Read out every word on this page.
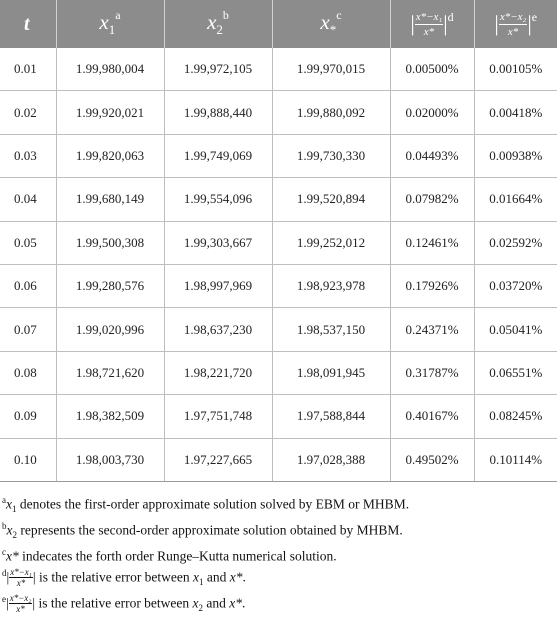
t	$x_1^a$	$x_2^b$	$x_*^c$	| $\frac{\text{x*−x₁}}{x*} |^d$	| $\frac{\text{x*−x₂}}{x*} |^e$
0.01	1.99,980,004	1.99,972,105	1.99,970,015	0.00500%	0.00105%
0.02	1.99,920,021	1.99,888,440	1.99,880,092	0.02000%	0.00418%
0.03	1.99,820,063	1.99,749,069	1.99,730,330	0.04493%	0.00938%
0.04	1.99,680,149	1.99,554,096	1.99,520,894	0.07982%	0.01664%
0.05	1.99,500,308	1.99,303,667	1.99,252,012	0.12461%	0.02592%
0.06	1.99,280,576	1.98,997,969	1.98,923,978	0.17926%	0.03720%
0.07	1.99,020,996	1.98,637,230	1.98,537,150	0.24371%	0.05041%
0.08	1.98,721,620	1.98,221,720	1.98,091,945	0.31787%	0.06551%
0.09	1.98,382,509	1.97,751,748	1.97,588,844	0.40167%	0.08245%
0.10	1.98,003,730	1.97,227,665	1.97,028,388	0.49502%	0.10114%
$^ax_1$ denotes the first-order approximate solution solved by EBM or MHBM.
$^bx_2$ represents the second-order approximate solution obtained by MHBM.
$^c$x* indecates the forth order Runge–Kutta numerical solution.
$^d| \frac{\text{x*−x₁}}{x*}$ | is the relative error between $x_1$ and x*.
$^e| \frac{\text{x*−x₂}}{x*}$ | is the relative error between $x_2$ and x*.
